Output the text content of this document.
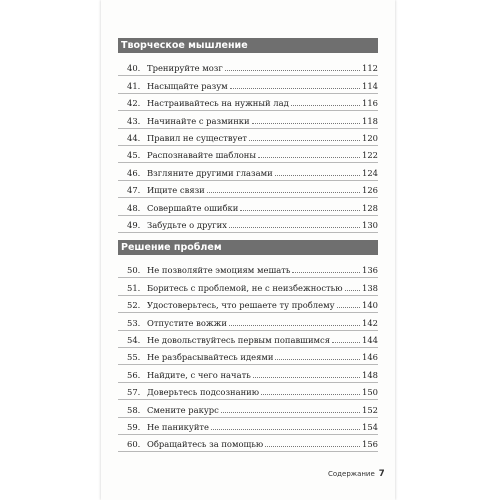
Творческое мышление
40. Тренируйте мозг	112
41. Насыщайте разум	114
42. Настраивайтесь на нужный лад	116
43. Начинайте с разминки	118
44. Правил не существует	120
45. Распознавайте шаблоны	122
46. Взгляните другими глазами	124
47. Ищите связи	126
48. Совершайте ошибки	128
49. Забудьте о других	130
Решение проблем
50. Не позволяйте эмоциям мешать	136
51. Боритесь с проблемой, не с неизбежностью 138
52. Удостоверьтесь, что решаете ту проблему	140
53. Отпустите вожжи	142
54. Не довольствуйтесь первым попавшимся	144
55. Не разбрасывайтесь идеями	146
56. Найдите, с чего начать	148
57. Доверьтесь подсознанию	150
58. Смените ракурс	152
59. Не паникуйте	154
60. Обращайтесь за помощью	156
Содержание 7
